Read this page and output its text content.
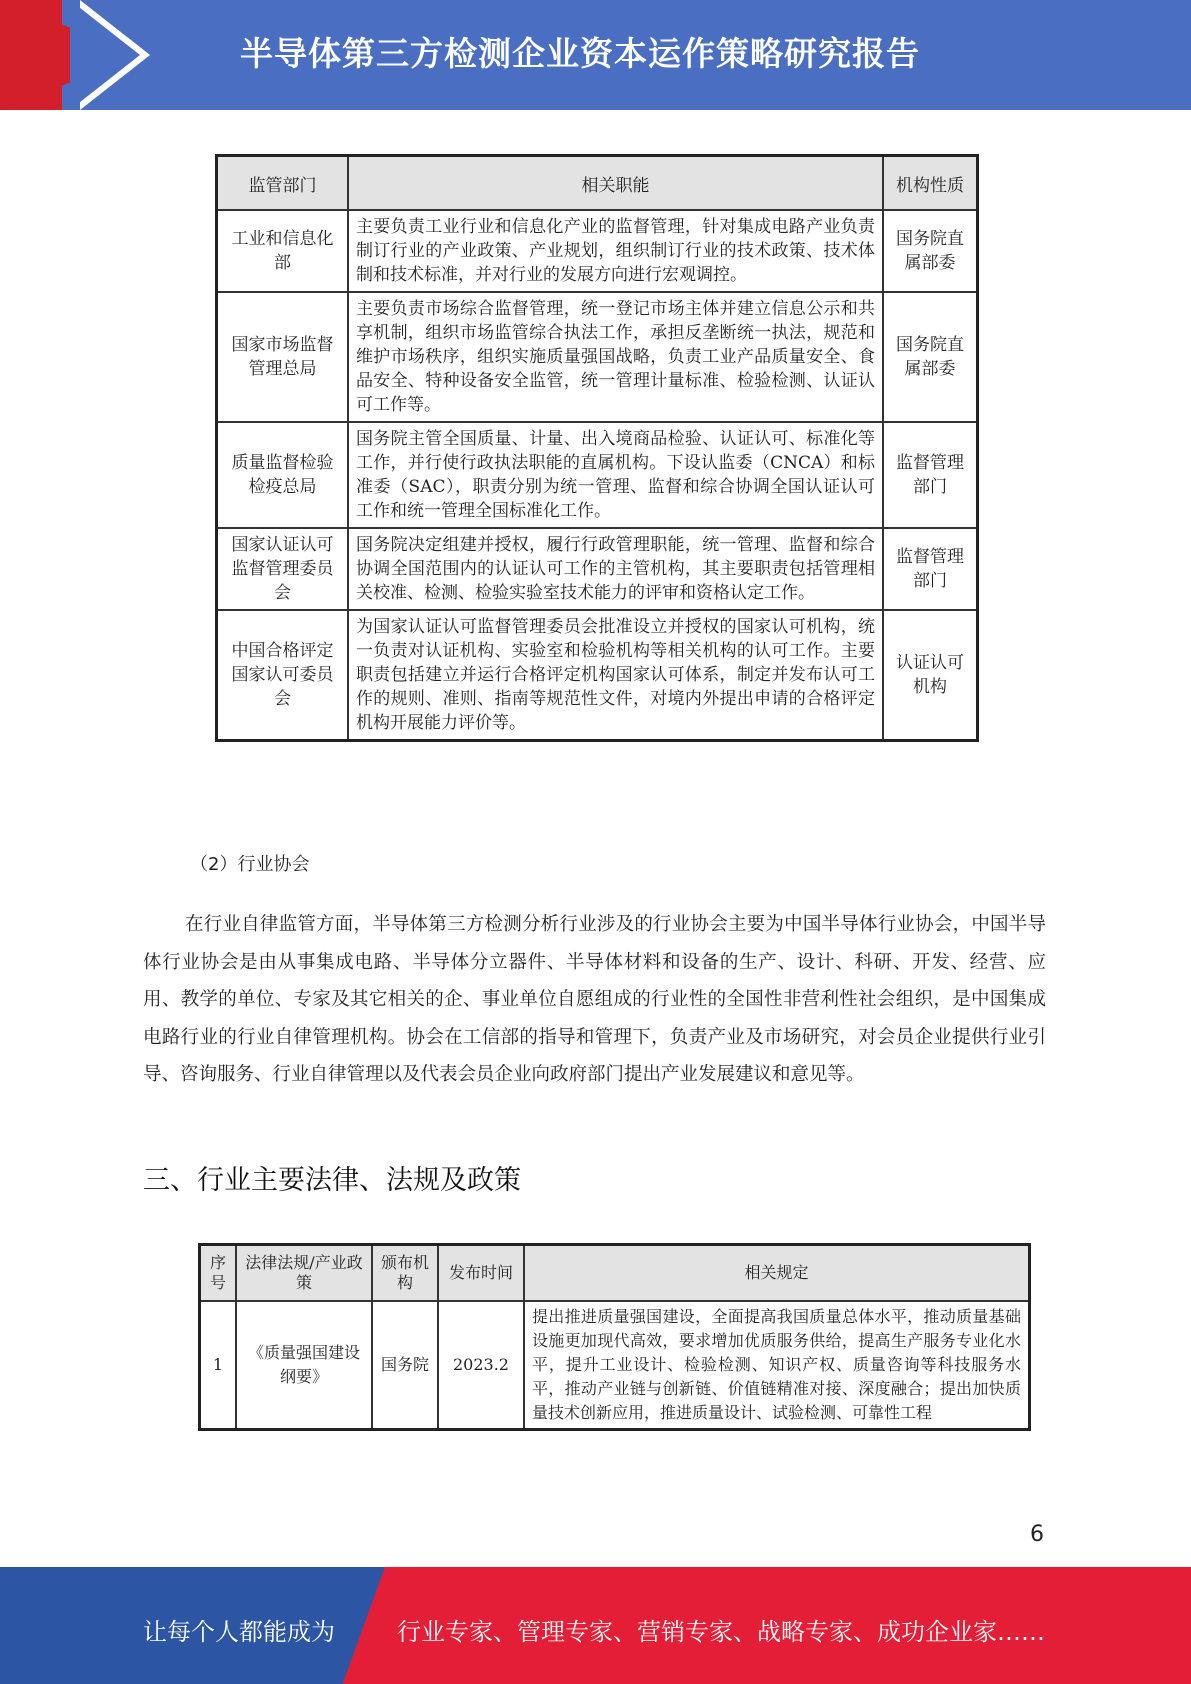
半导体第三方检测企业资本运作策略研究报告
监管部门	相关职能	机构性质
工业和信息化部	主要负责工业行业和信息化产业的监督管理，针对集成电路产业负责制订行业的产业政策、产业规划，组织制订行业的技术政策、技术体制和技术标准，并对行业的发展方向进行宏观调控。	国务院直属部委
国家市场监督管理总局	主要负责市场综合监督管理，统一登记市场主体并建立信息公示和共享机制，组织市场监管综合执法工作，承担反垄断统一执法，规范和维护市场秩序，组织实施质量强国战略，负责工业产品质量安全、食品安全、特种设备安全监管，统一管理计量标准、检验检测、认证认可工作等。	国务院直属部委
质量监督检验检疫总局	国务院主管全国质量、计量、出入境商品检验、认证认可、标准化等工作，并行使行政执法职能的直属机构。下设认监委（CNCA）和标准委（SAC），职责分别为统一管理、监督和综合协调全国认证认可工作和统一管理全国标准化工作。	监督管理部门
国家认证认可监督管理委员会	国务院决定组建并授权，履行行政管理职能，统一管理、监督和综合协调全国范围内的认证认可工作的主管机构，其主要职责包括管理相关校准、检测、检验实验室技术能力的评审和资格认定工作。	监督管理部门
中国合格评定国家认可委员会	为国家认证认可监督管理委员会批准设立并授权的国家认可机构，统一负责对认证机构、实验室和检验机构等相关机构的认可工作。主要职责包括建立并运行合格评定机构国家认可体系，制定并发布认可工作的规则、准则、指南等规范性文件，对境内外提出申请的合格评定机构开展能力评价等。	认证认可机构
（2）行业协会
在行业自律监管方面，半导体第三方检测分析行业涉及的行业协会主要为中国半导体行业协会，中国半导体行业协会是由从事集成电路、半导体分立器件、半导体材料和设备的生产、设计、科研、开发、经营、应用、教学的单位、专家及其它相关的企、事业单位自愿组成的行业性的全国性非营利性社会组织，是中国集成电路行业的行业自律管理机构。协会在工信部的指导和管理下，负责产业及市场研究，对会员企业提供行业引导、咨询服务、行业自律管理以及代表会员企业向政府部门提出产业发展建议和意见等。
三、行业主要法律、法规及政策
序号	法律法规/产业政策	颁布机构	发布时间	相关规定
1	《质量强国建设纲要》	国务院	2023.2	提出推进质量强国建设，全面提高我国质量总体水平，推动质量基础设施更加现代高效，要求增加优质服务供给，提高生产服务专业化水平，提升工业设计、检验检测、知识产权、质量咨询等科技服务水平，推动产业链与创新链、价值链精准对接、深度融合；提出加快质量技术创新应用，推进质量设计、试验检测、可靠性工程
6
让每个人都能成为	行业专家、管理专家、营销专家、战略专家、成功企业家……
